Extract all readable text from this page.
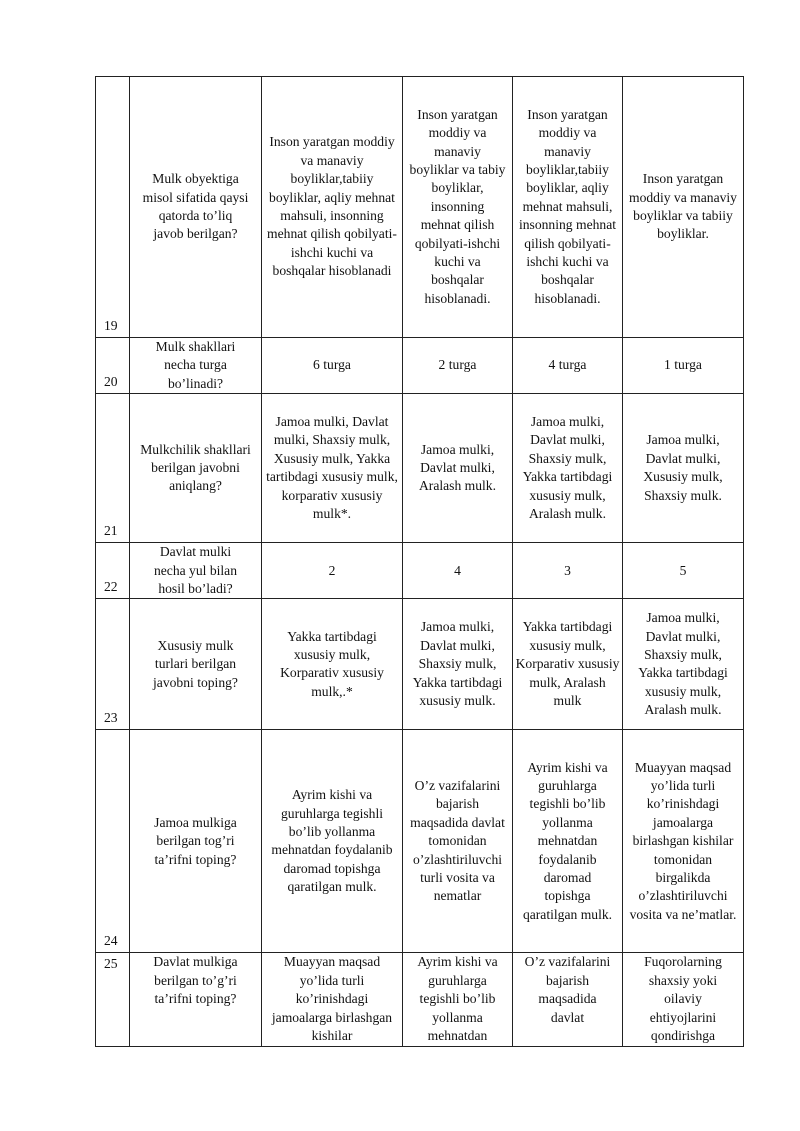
19	Mulk obyektiga misol sifatida qaysi qatorda to’liq javob berilgan?	Inson yaratgan moddiy va manaviy boyliklar,tabiiy boyliklar, aqliy mehnat mahsuli, insonning mehnat qilish qobilyati-ishchi kuchi va boshqalar hisoblanadi	Inson yaratgan moddiy va manaviy boyliklar va tabiy boyliklar, insonning mehnat qilish qobilyati-ishchi kuchi va boshqalar hisoblanadi.	Inson yaratgan moddiy va manaviy boyliklar,tabiiy boyliklar, aqliy mehnat mahsuli, insonning mehnat qilish qobilyati-ishchi kuchi va boshqalar hisoblanadi.	Inson yaratgan moddiy va manaviy boyliklar va tabiiy boyliklar.
20	Mulk shakllari necha turga bo’linadi?	6 turga	2 turga	4 turga	1 turga
21	Mulkchilik shakllari berilgan javobni aniqlang?	Jamoa mulki, Davlat mulki, Shaxsiy mulk, Xususiy mulk, Yakka tartibdagi xususiy mulk, korparativ xususiy mulk*.	Jamoa mulki, Davlat mulki, Aralash mulk.	Jamoa mulki, Davlat mulki, Shaxsiy mulk, Yakka tartibdagi xususiy mulk, Aralash mulk.	Jamoa mulki, Davlat mulki, Xususiy mulk, Shaxsiy mulk.
22	Davlat mulki necha yul bilan hosil bo’ladi?	2	4	3	5
23	Xususiy mulk turlari berilgan javobni toping?	Yakka tartibdagi xususiy mulk, Korparativ xususiy mulk,.*	Jamoa mulki, Davlat mulki, Shaxsiy mulk, Yakka tartibdagi xususiy mulk.	Yakka tartibdagi xususiy mulk, Korparativ xususiy mulk, Aralash mulk	Jamoa mulki, Davlat mulki, Shaxsiy mulk, Yakka tartibdagi xususiy mulk, Aralash mulk.
24	Jamoa mulkiga berilgan tog’ri ta’rifni toping?	Ayrim kishi va guruhlarga tegishli bo’lib yollanma mehnatdan foydalanib daromad topishga qaratilgan mulk.	O’z vazifalarini bajarish maqsadida davlat tomonidan o’zlashtiriluvchi turli vosita va nematlar	Ayrim kishi va guruhlarga tegishli bo’lib yollanma mehnatdan foydalanib daromad topishga qaratilgan mulk.	Muayyan maqsad yo’lida turli ko’rinishdagi jamoalarga birlashgan kishilar tomonidan birgalikda o’zlashtiriluvchi vosita va ne’matlar.
25	Davlat mulkiga berilgan to’g’ri ta’rifni toping?	Muayyan maqsad yo’lida turli ko’rinishdagi jamoalarga birlashgan kishilar	Ayrim kishi va guruhlarga tegishli bo’lib yollanma mehnatdan	O’z vazifalarini bajarish maqsadida davlat	Fuqorolarning shaxsiy yoki oilaviy ehtiyojlarini qondirishga
